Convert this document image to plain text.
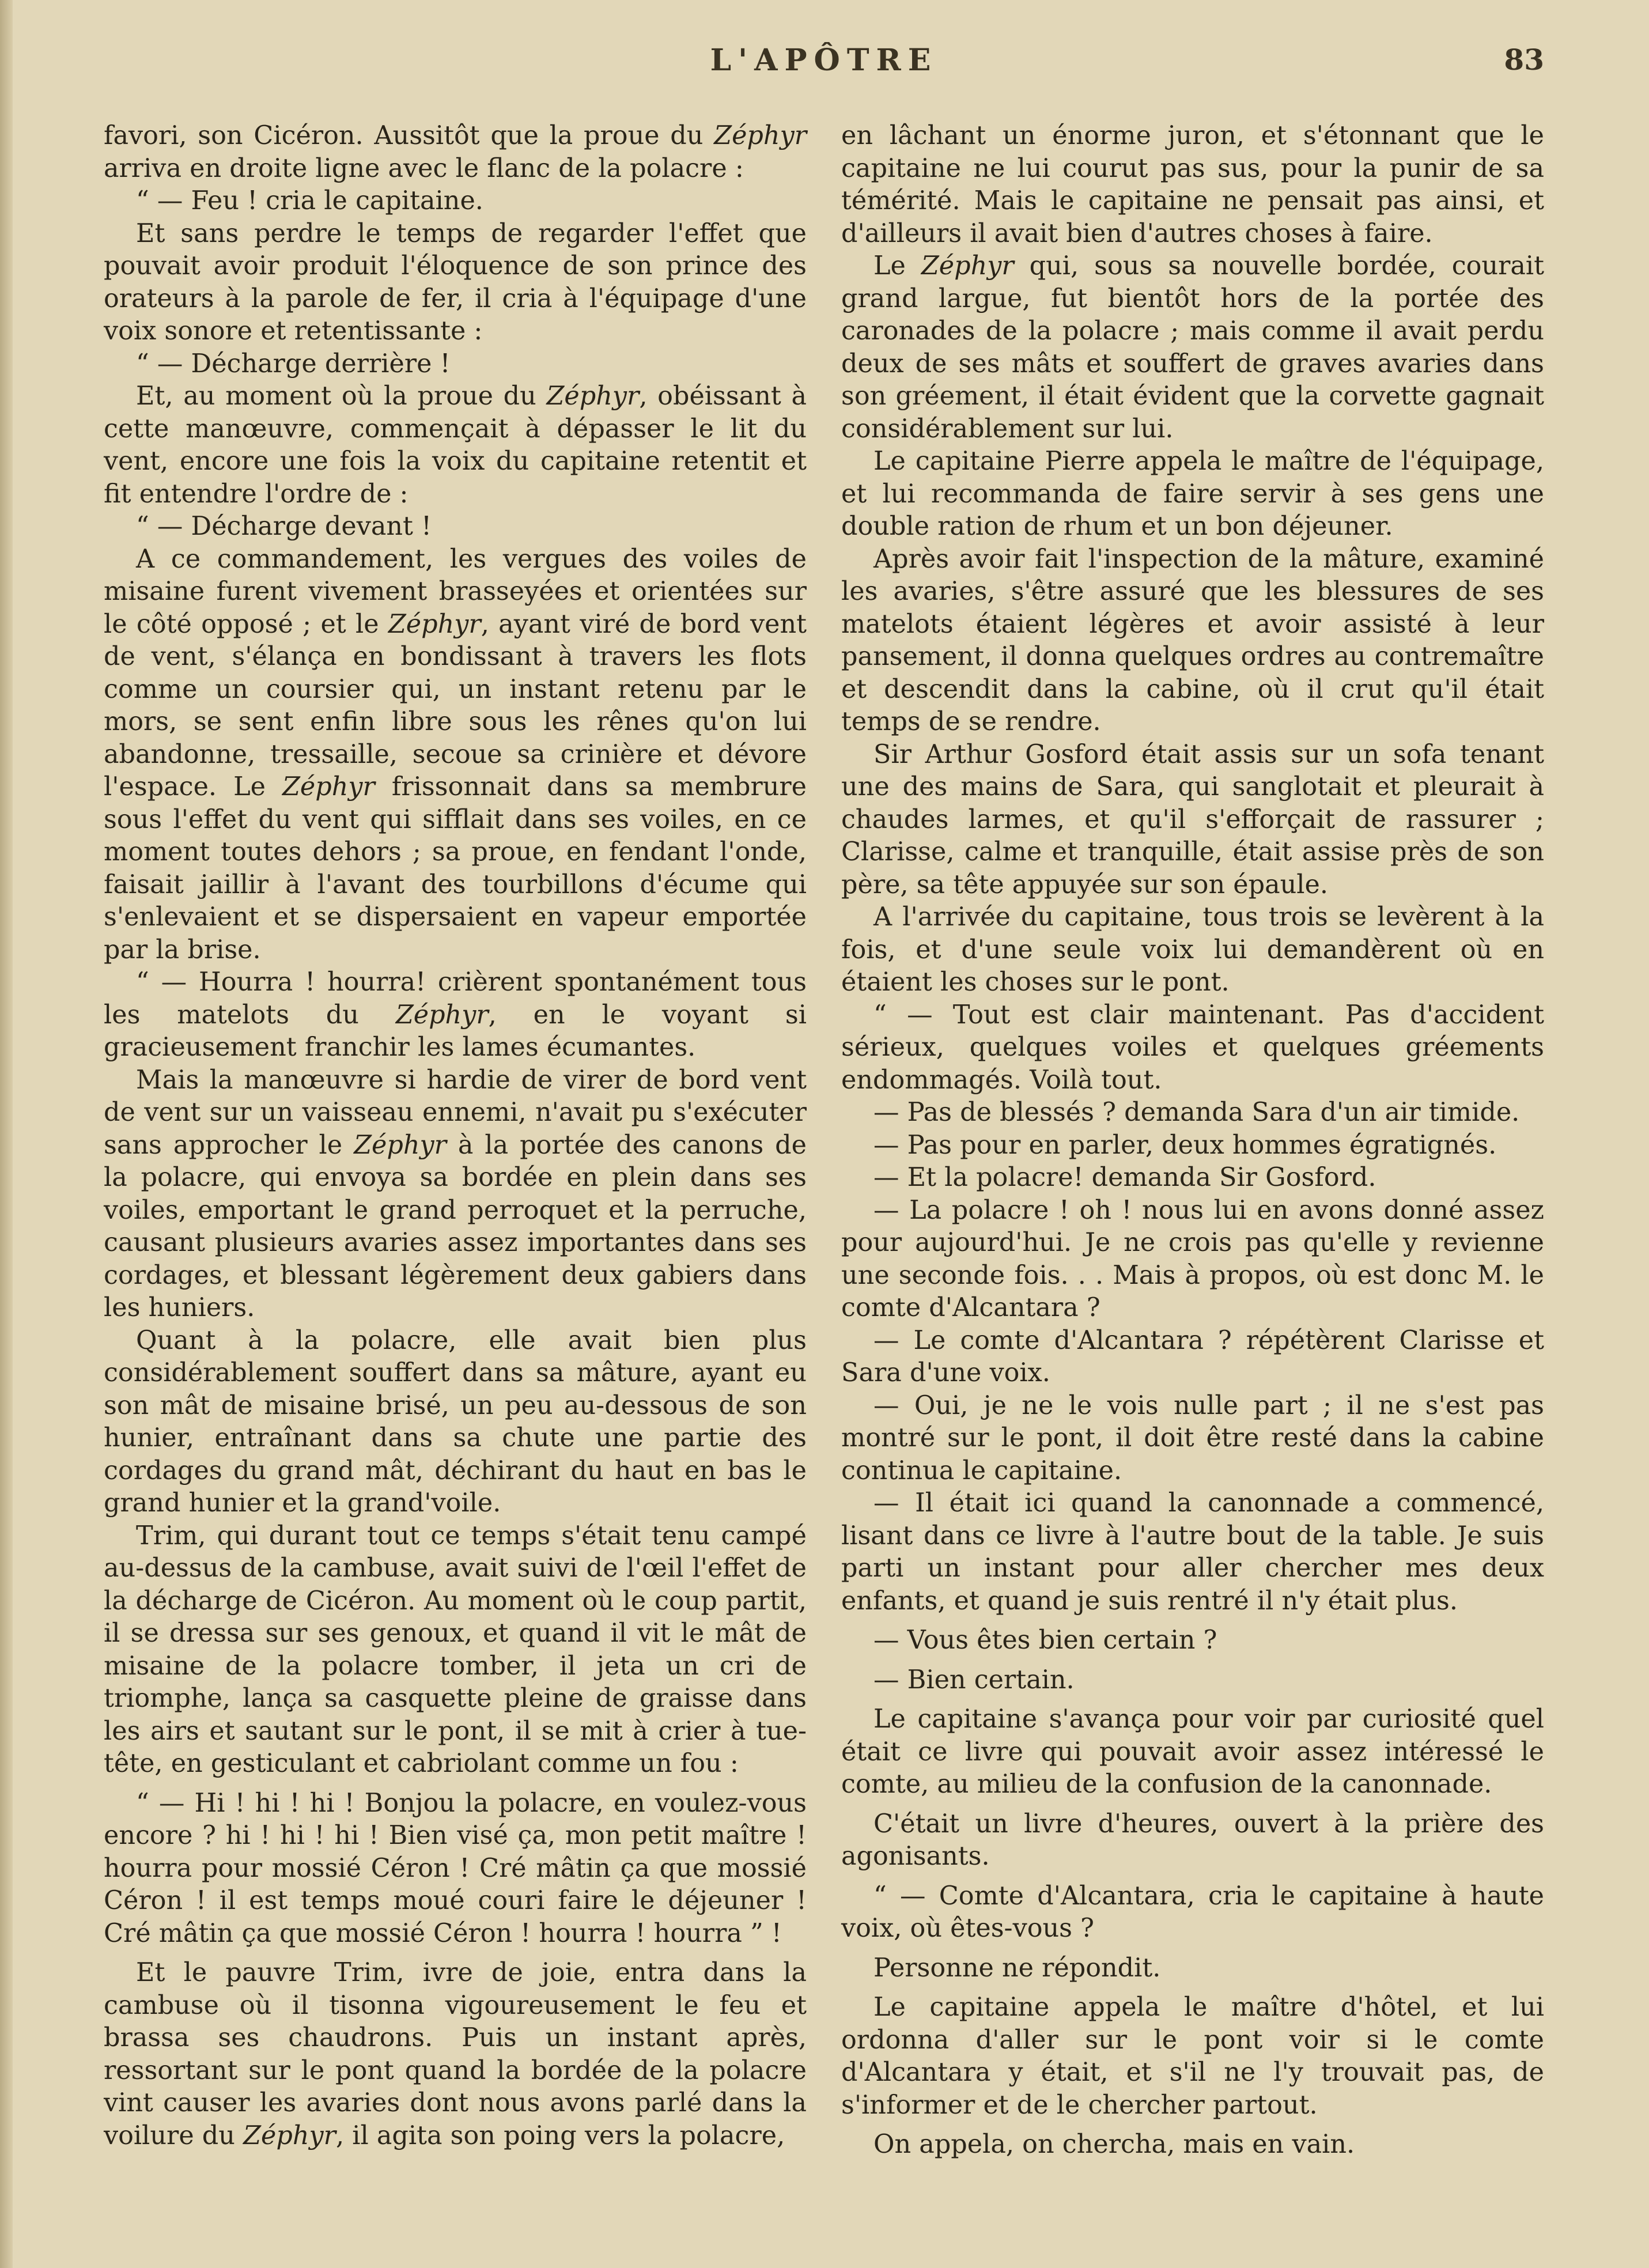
L'APÔTRE	83

favori, son Cicéron. Aussitôt que la proue du Zéphyr arriva en droite ligne avec le flanc de la polacre :

“ — Feu ! cria le capitaine.

Et sans perdre le temps de regarder l'effet que pouvait avoir produit l'éloquence de son prince des orateurs à la parole de fer, il cria à l'équipage d'une voix sonore et retentissante :

“ — Décharge derrière !

Et, au moment où la proue du Zéphyr, obéissant à cette manœuvre, commençait à dépasser le lit du vent, encore une fois la voix du capitaine retentit et fit entendre l'ordre de :

“ — Décharge devant !

A ce commandement, les vergues des voiles de misaine furent vivement brasseyées et orientées sur le côté opposé ; et le Zéphyr, ayant viré de bord vent de vent, s'élança en bondissant à travers les flots comme un coursier qui, un instant retenu par le mors, se sent enfin libre sous les rênes qu'on lui abandonne, tressaille, secoue sa crinière et dévore l'espace. Le Zéphyr frissonnait dans sa membrure sous l'effet du vent qui sifflait dans ses voiles, en ce moment toutes dehors ; sa proue, en fendant l'onde, faisait jaillir à l'avant des tourbillons d'écume qui s'enlevaient et se dispersaient en vapeur emportée par la brise.

“ — Hourra ! hourra! crièrent spontanément tous les matelots du Zéphyr, en le voyant si gracieusement franchir les lames écumantes.

Mais la manœuvre si hardie de virer de bord vent de vent sur un vaisseau ennemi, n'avait pu s'exécuter sans approcher le Zéphyr à la portée des canons de la polacre, qui envoya sa bordée en plein dans ses voiles, emportant le grand perroquet et la perruche, causant plusieurs avaries assez importantes dans ses cordages, et blessant légèrement deux gabiers dans les huniers.

Quant à la polacre, elle avait bien plus considérablement souffert dans sa mâture, ayant eu son mât de misaine brisé, un peu au-dessous de son hunier, entraînant dans sa chute une partie des cordages du grand mât, déchirant du haut en bas le grand hunier et la grand'voile.

Trim, qui durant tout ce temps s'était tenu campé au-dessus de la cambuse, avait suivi de l'œil l'effet de la décharge de Cicéron. Au moment où le coup partit, il se dressa sur ses genoux, et quand il vit le mât de misaine de la polacre tomber, il jeta un cri de triomphe, lança sa casquette pleine de graisse dans les airs et sautant sur le pont, il se mit à crier à tue-tête, en gesticulant et cabriolant comme un fou :

“ — Hi ! hi ! hi ! Bonjou la polacre, en voulez-vous encore ? hi ! hi ! hi ! Bien visé ça, mon petit maître ! hourra pour mossié Céron ! Cré mâtin ça que mossié Céron ! il est temps moué couri faire le déjeuner ! Cré mâtin ça que mossié Céron ! hourra ! hourra ” !

Et le pauvre Trim, ivre de joie, entra dans la cambuse où il tisonna vigoureusement le feu et brassa ses chaudrons. Puis un instant après, ressortant sur le pont quand la bordée de la polacre vint causer les avaries dont nous avons parlé dans la voilure du Zéphyr, il agita son poing vers la polacre,

en lâchant un énorme juron, et s'étonnant que le capitaine ne lui courut pas sus, pour la punir de sa témérité. Mais le capitaine ne pensait pas ainsi, et d'ailleurs il avait bien d'autres choses à faire.

Le Zéphyr qui, sous sa nouvelle bordée, courait grand largue, fut bientôt hors de la portée des caronades de la polacre ; mais comme il avait perdu deux de ses mâts et souffert de graves avaries dans son gréement, il était évident que la corvette gagnait considérablement sur lui.

Le capitaine Pierre appela le maître de l'équipage, et lui recommanda de faire servir à ses gens une double ration de rhum et un bon déjeuner.

Après avoir fait l'inspection de la mâture, examiné les avaries, s'être assuré que les blessures de ses matelots étaient légères et avoir assisté à leur pansement, il donna quelques ordres au contremaître et descendit dans la cabine, où il crut qu'il était temps de se rendre.

Sir Arthur Gosford était assis sur un sofa tenant une des mains de Sara, qui sanglotait et pleurait à chaudes larmes, et qu'il s'efforçait de rassurer ; Clarisse, calme et tranquille, était assise près de son père, sa tête appuyée sur son épaule.

A l'arrivée du capitaine, tous trois se levèrent à la fois, et d'une seule voix lui demandèrent où en étaient les choses sur le pont.

“ — Tout est clair maintenant. Pas d'accident sérieux, quelques voiles et quelques gréements endommagés. Voilà tout.

— Pas de blessés ? demanda Sara d'un air timide.

— Pas pour en parler, deux hommes égratignés.

— Et la polacre! demanda Sir Gosford.

— La polacre ! oh ! nous lui en avons donné assez pour aujourd'hui. Je ne crois pas qu'elle y revienne une seconde fois. . . Mais à propos, où est donc M. le comte d'Alcantara ?

— Le comte d'Alcantara ? répétèrent Clarisse et Sara d'une voix.

— Oui, je ne le vois nulle part ; il ne s'est pas montré sur le pont, il doit être resté dans la cabine continua le capitaine.

— Il était ici quand la canonnade a commencé, lisant dans ce livre à l'autre bout de la table. Je suis parti un instant pour aller chercher mes deux enfants, et quand je suis rentré il n'y était plus.

— Vous êtes bien certain ?

— Bien certain.

Le capitaine s'avança pour voir par curiosité quel était ce livre qui pouvait avoir assez intéressé le comte, au milieu de la confusion de la canonnade.

C'était un livre d'heures, ouvert à la prière des agonisants.

“ — Comte d'Alcantara, cria le capitaine à haute voix, où êtes-vous ?

Personne ne répondit.

Le capitaine appela le maître d'hôtel, et lui ordonna d'aller sur le pont voir si le comte d'Alcantara y était, et s'il ne l'y trouvait pas, de s'informer et de le chercher partout.

On appela, on chercha, mais en vain.
